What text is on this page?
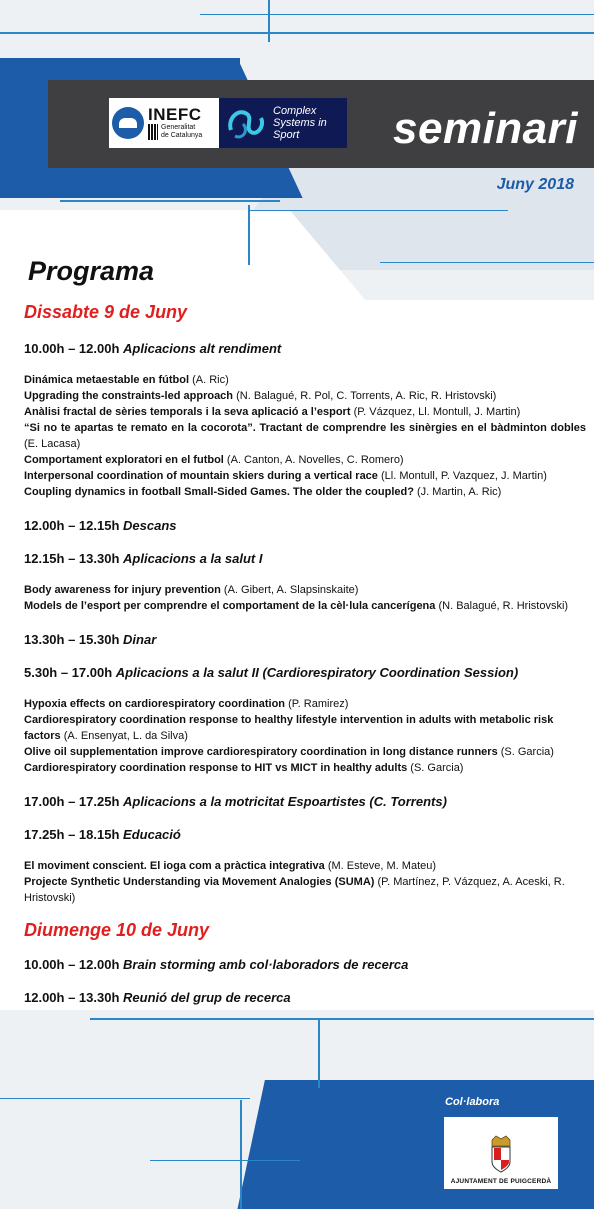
INEFC
Generalitat
de Catalunya
Complex
Systems in
Sport	seminari
Juny 2018
Programa
Dissabte 9 de Juny
10.00h – 12.00h Aplicacions alt rendiment
Dinámica metaestable en fútbol (A. Ric)
Upgrading the constraints-led approach (N. Balagué, R. Pol, C. Torrents, A. Ric, R. Hristovski)
Anàlisi fractal de sèries temporals i la seva aplicació a l’esport (P. Vázquez, Ll. Montull, J. Martin)
“Si no te apartas te remato en la cocorota”. Tractant de comprendre les sinèrgies en el bàdminton dobles (E. Lacasa)
Comportament exploratori en el futbol (A. Canton, A. Novelles, C. Romero)
Interpersonal coordination of mountain skiers during a vertical race (Ll. Montull, P. Vazquez, J. Martin)
Coupling dynamics in football Small-Sided Games. The older the coupled? (J. Martin, A. Ric)
12.00h – 12.15h Descans
12.15h – 13.30h Aplicacions a la salut I
Body awareness for injury prevention (A. Gibert, A. Slapsinskaite)
Models de l’esport per comprendre el comportament de la cèl·lula cancerígena (N. Balagué, R. Hristovski)
13.30h – 15.30h Dinar
5.30h – 17.00h Aplicacions a la salut II (Cardiorespiratory Coordination Session)
Hypoxia effects on cardiorespiratory coordination (P. Ramirez)
Cardiorespiratory coordination response to healthy lifestyle intervention in adults with metabolic risk factors (A. Ensenyat, L. da Silva)
Olive oil supplementation improve cardiorespiratory coordination in long distance runners (S. Garcia)
Cardiorespiratory coordination response to HIT vs MICT in healthy adults (S. Garcia)
17.00h – 17.25h Aplicacions a la motricitat Espoartistes (C. Torrents)
17.25h – 18.15h Educació
El moviment conscient. El ioga com a pràctica integrativa (M. Esteve, M. Mateu)
Projecte Synthetic Understanding via Movement Analogies (SUMA) (P. Martínez, P. Vázquez, A. Aceski, R. Hristovski)
Diumenge 10 de Juny
10.00h – 12.00h Brain storming amb col·laboradors de recerca
12.00h – 13.30h Reunió del grup de recerca
Col·labora
AJUNTAMENT DE PUIGCERDÀ
